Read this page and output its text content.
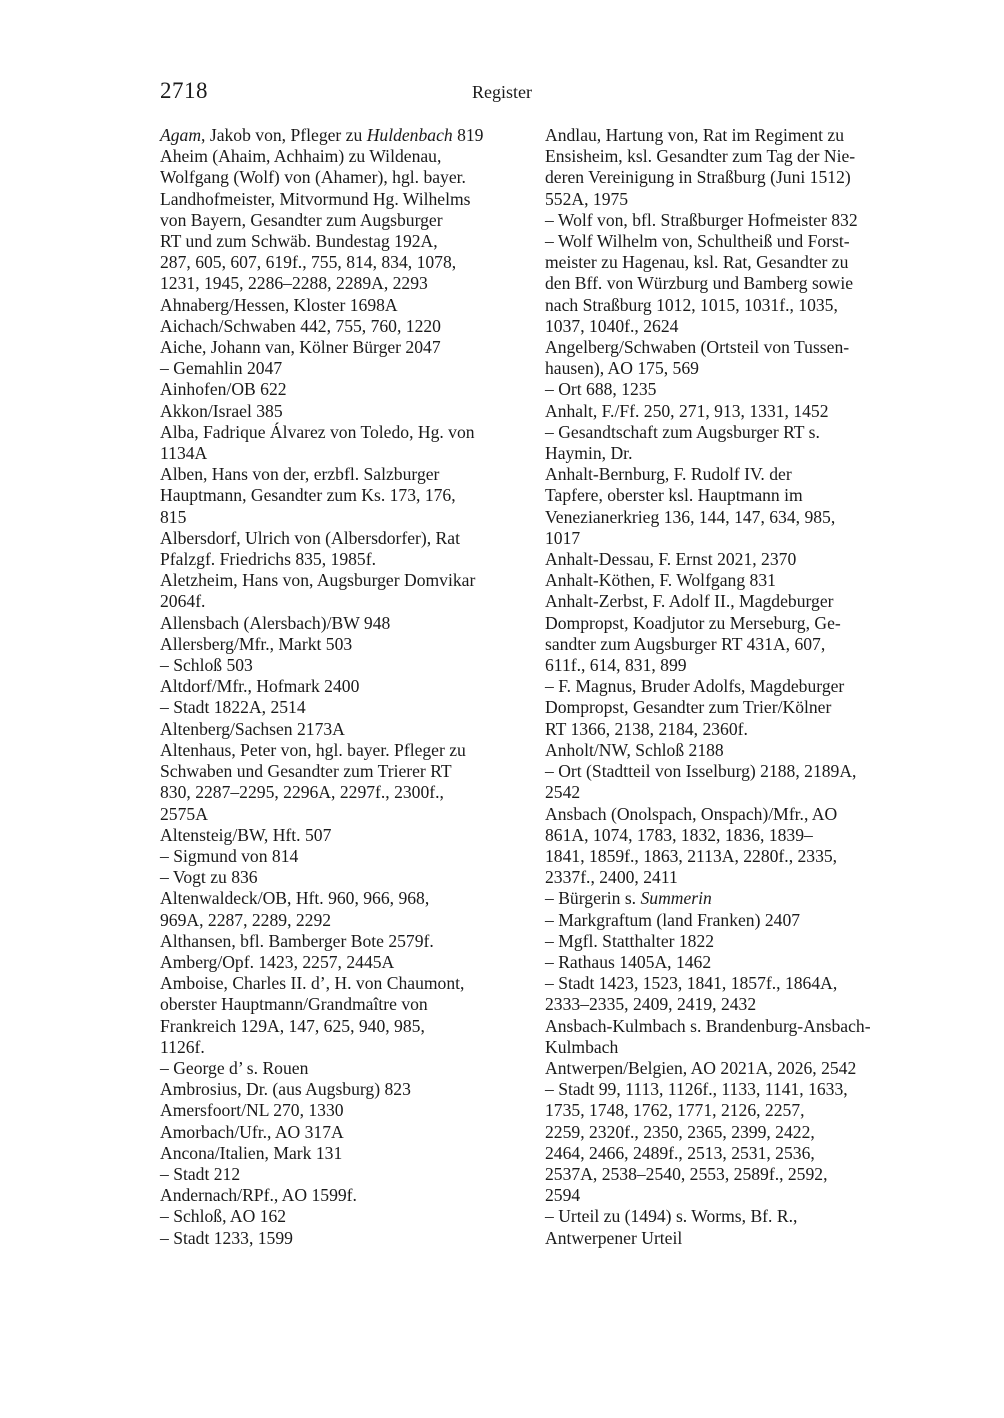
2718	Register

Agam, Jakob von, Pfleger zu Huldenbach 819

Aheim (Ahaim, Achhaim) zu Wildenau,
Wolfgang (Wolf) von (Ahamer), hgl. bayer.
Landhofmeister, Mitvormund Hg. Wilhelms
von Bayern, Gesandter zum Augsburger
RT und zum Schwäb. Bundestag 192A,
287, 605, 607, 619f., 755, 814, 834, 1078,
1231, 1945, 2286–2288, 2289A, 2293

Ahnaberg/Hessen, Kloster 1698A

Aichach/Schwaben 442, 755, 760, 1220

Aiche, Johann van, Kölner Bürger 2047

– Gemahlin 2047

Ainhofen/OB 622

Akkon/Israel 385

Alba, Fadrique Álvarez von Toledo, Hg. von
1134A

Alben, Hans von der, erzbfl. Salzburger
Hauptmann, Gesandter zum Ks. 173, 176,
815

Albersdorf, Ulrich von (Albersdorfer), Rat
Pfalzgf. Friedrichs 835, 1985f.

Aletzheim, Hans von, Augsburger Domvikar
2064f.

Allensbach (Alersbach)/BW 948

Allersberg/Mfr., Markt 503

– Schloß 503

Altdorf/Mfr., Hofmark 2400

– Stadt 1822A, 2514

Altenberg/Sachsen 2173A

Altenhaus, Peter von, hgl. bayer. Pfleger zu
Schwaben und Gesandter zum Trierer RT
830, 2287–2295, 2296A, 2297f., 2300f.,
2575A

Altensteig/BW, Hft. 507

– Sigmund von 814

– Vogt zu 836

Altenwaldeck/OB, Hft. 960, 966, 968,
969A, 2287, 2289, 2292

Althansen, bfl. Bamberger Bote 2579f.

Amberg/Opf. 1423, 2257, 2445A

Amboise, Charles II. d’, H. von Chaumont,
oberster Hauptmann/Grandmaître von
Frankreich 129A, 147, 625, 940, 985,
1126f.

– George d’ s. Rouen

Ambrosius, Dr. (aus Augsburg) 823

Amersfoort/NL 270, 1330

Amorbach/Ufr., AO 317A

Ancona/Italien, Mark 131

– Stadt 212

Andernach/RPf., AO 1599f.

– Schloß, AO 162

– Stadt 1233, 1599

Andlau, Hartung von, Rat im Regiment zu
Ensisheim, ksl. Gesandter zum Tag der Nie-
deren Vereinigung in Straßburg (Juni 1512)
552A, 1975

– Wolf von, bfl. Straßburger Hofmeister 832

– Wolf Wilhelm von, Schultheiß und Forst-
meister zu Hagenau, ksl. Rat, Gesandter zu
den Bff. von Würzburg und Bamberg sowie
nach Straßburg 1012, 1015, 1031f., 1035,
1037, 1040f., 2624

Angelberg/Schwaben (Ortsteil von Tussen-
hausen), AO 175, 569

– Ort 688, 1235

Anhalt, F./Ff. 250, 271, 913, 1331, 1452

– Gesandtschaft zum Augsburger RT s.
Haymin, Dr.

Anhalt-Bernburg, F. Rudolf IV. der
Tapfere, oberster ksl. Hauptmann im
Venezianerkrieg 136, 144, 147, 634, 985,
1017

Anhalt-Dessau, F. Ernst 2021, 2370

Anhalt-Köthen, F. Wolfgang 831

Anhalt-Zerbst, F. Adolf II., Magdeburger
Dompropst, Koadjutor zu Merseburg, Ge-
sandter zum Augsburger RT 431A, 607,
611f., 614, 831, 899

– F. Magnus, Bruder Adolfs, Magdeburger
Dompropst, Gesandter zum Trier/Kölner
RT 1366, 2138, 2184, 2360f.

Anholt/NW, Schloß 2188

– Ort (Stadtteil von Isselburg) 2188, 2189A,
2542

Ansbach (Onolspach, Onspach)/Mfr., AO
861A, 1074, 1783, 1832, 1836, 1839–
1841, 1859f., 1863, 2113A, 2280f., 2335,
2337f., 2400, 2411

– Bürgerin s. Summerin

– Markgraftum (land Franken) 2407

– Mgfl. Statthalter 1822

– Rathaus 1405A, 1462

– Stadt 1423, 1523, 1841, 1857f., 1864A,
2333–2335, 2409, 2419, 2432

Ansbach-Kulmbach s. Brandenburg-Ansbach-
Kulmbach

Antwerpen/Belgien, AO 2021A, 2026, 2542

– Stadt 99, 1113, 1126f., 1133, 1141, 1633,
1735, 1748, 1762, 1771, 2126, 2257,
2259, 2320f., 2350, 2365, 2399, 2422,
2464, 2466, 2489f., 2513, 2531, 2536,
2537A, 2538–2540, 2553, 2589f., 2592,
2594

– Urteil zu (1494) s. Worms, Bf. R.,
Antwerpener Urteil
